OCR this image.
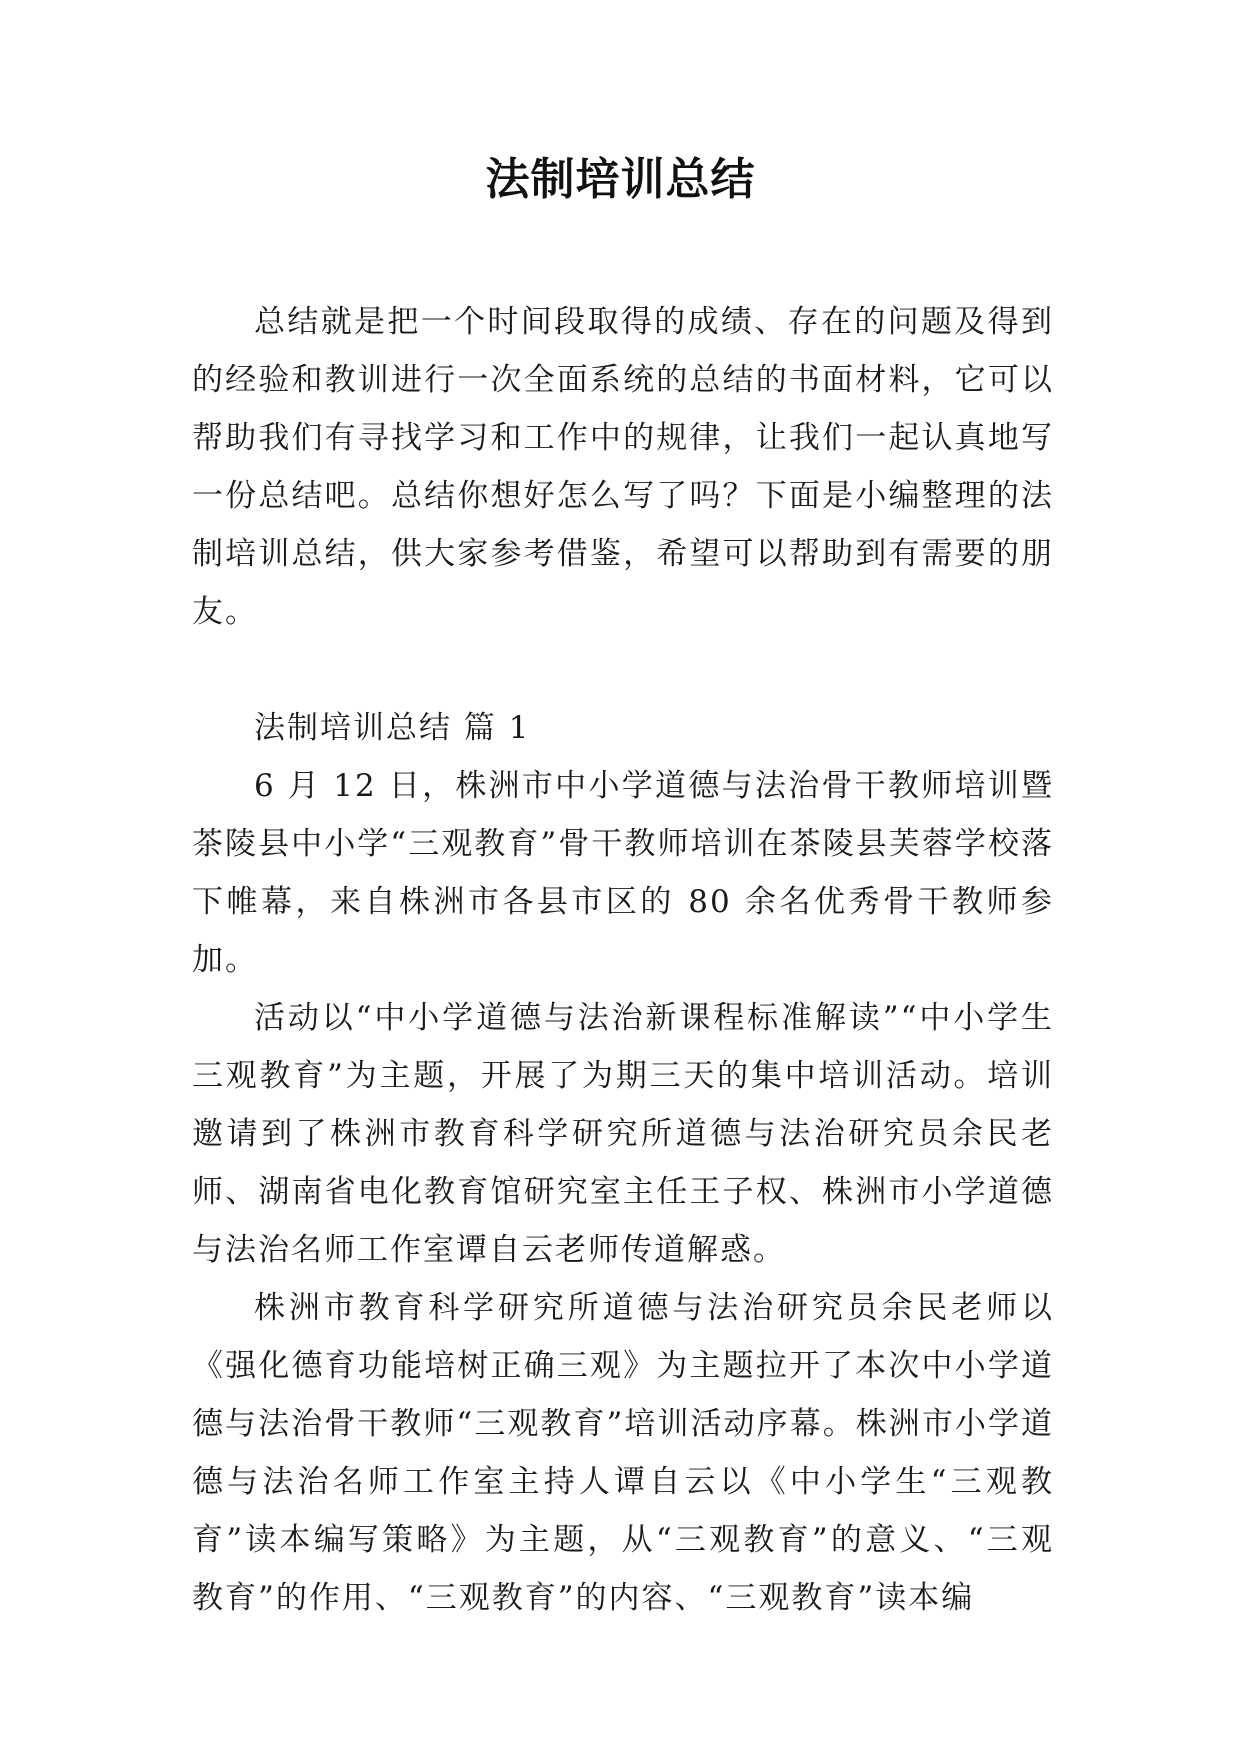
法制培训总结

总结就是把一个时间段取得的成绩、存在的问题及得到的经验和教训进行一次全面系统的总结的书面材料，它可以帮助我们有寻找学习和工作中的规律，让我们一起认真地写一份总结吧。总结你想好怎么写了吗？下面是小编整理的法制培训总结，供大家参考借鉴，希望可以帮助到有需要的朋友。

法制培训总结 篇 1

6 月 12 日，株洲市中小学道德与法治骨干教师培训暨茶陵县中小学“三观教育”骨干教师培训在茶陵县芙蓉学校落下帷幕，来自株洲市各县市区的 80 余名优秀骨干教师参加。

活动以“中小学道德与法治新课程标准解读”“中小学生三观教育”为主题，开展了为期三天的集中培训活动。培训邀请到了株洲市教育科学研究所道德与法治研究员余民老师、湖南省电化教育馆研究室主任王子权、株洲市小学道德与法治名师工作室谭自云老师传道解惑。

株洲市教育科学研究所道德与法治研究员余民老师以《强化德育功能培树正确三观》为主题拉开了本次中小学道德与法治骨干教师“三观教育”培训活动序幕。株洲市小学道德与法治名师工作室主持人谭自云以《中小学生“三观教育”读本编写策略》为主题，从“三观教育”的意义、“三观教育”的作用、“三观教育”的内容、“三观教育”读本编
